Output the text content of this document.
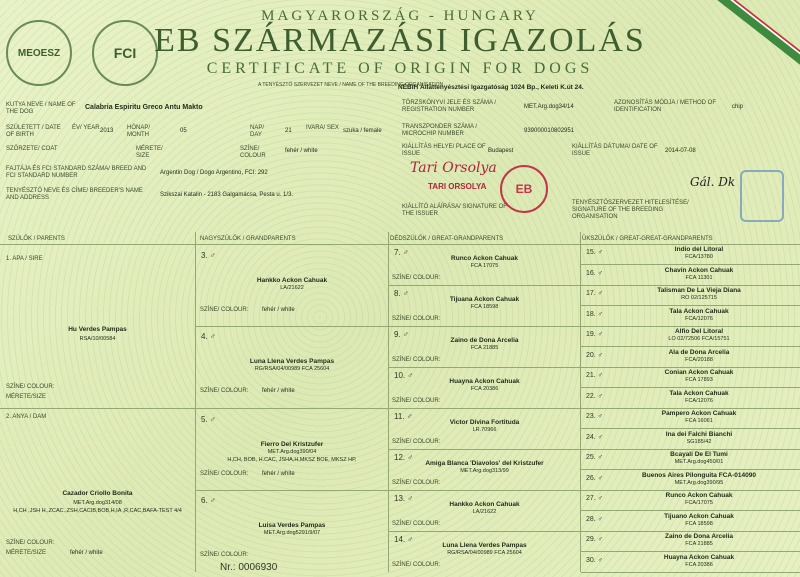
MEOESZ	FCI
MAGYARORSZÁG - HUNGARY
EB SZÁRMAZÁSI IGAZOLÁS
CERTIFICATE OF ORIGIN FOR DOGS
A TENYÉSZTŐ SZERVEZET NEVE / NAME OF THE BREEDING ORGANISATION
NÉBIH Állattenyésztési Igazgatóság 1024 Bp., Keleti K.út 24.
KUTYA NEVE / NAME OF THE DOG
Calabria Espiritu Greco Antu Makto
TÖRZSKÖNYVI JELE ÉS SZÁMA / REGISTRATION NUMBER	MET.Arg.dog34/14
AZONOSÍTÁS MÓDJA / METHOD OF IDENTIFICATION	chip
SZÜLETETT / DATE OF BIRTH
ÉV/ YEAR 2013 HÓNAP/ MONTH
05	NAP/ DAY
21 IVARA/ SEX szuka / female
TRANSZPONDER SZÁMA / MICROCHIP NUMBER	939000010802951
SZŐRZETE/ COAT	MÉRETE/ SIZE
SZÍNE/ COLOUR
fehér / white
KIÁLLÍTÁS HELYE/ PLACE OF ISSUE	Budapest
KIÁLLÍTÁS DÁTUMA/ DATE OF ISSUE	2014-07-08
FAJTÁJA ÉS FCI STANDARD SZÁMA/ BREED AND FCI STANDARD NUMBER	Argentin Dog / Dogo Argentino, FCI: 292
TENYÉSZTŐ NEVE ÉS CÍME/ BREEDER'S NAME AND ADDRESS	Szikszai Katalin - 2183 Galgamácsa, Pesta u. 1/3.
Tari Orsolya
TARI ORSOLYA	EB
KIÁLLÍTÓ ALÁÍRÁSA/ SIGNATURE OF THE ISSUER
TENYÉSZTŐSZERVEZET HITELESÍTÉSE/ SIGNATURE OF THE BREEDING ORGANISATION
Gál. Dk
SZÜLŐK / PARENTS	NAGYSZÜLŐK / GRANDPARENTS	DÉDSZÜLŐK / GREAT-GRANDPARENTS	ÜKSZÜLŐK / GREAT-GREAT-GRANDPARENTS
1. APA / SIRE
Hu Verdes Pampas
RSA/10/00584
SZÍNE/ COLOUR:
MÉRETE/SIZE
2. ANYA / DAM
Cazador Criollo Bonita
MET.Arg.dog314/08
H,CH ,JSH H.,ZCAC.,ZSH,CACIB,BOB,H,IA ,R,CAC,BAFA-TEST 4/4
SZÍNE/ COLOUR:
MÉRETE/SIZE	fehér / white
Nr.: 0006930
3. ♂
Hankko Ackon Cahuak
LA/21622
SZÍNE/ COLOUR: fehér / white
4. ♂
Luna Llena Verdes Pampas
RG/RSA/04/00989 FCA 25604
SZÍNE/ COLOUR: fehér / white
5. ♂
Fierro Del Kristzufer
MET.Arg.dog390/04
H,CH, BOB, H.CAC, JSHA,H,MKSZ BOE, MKSZ HP,
SZÍNE/ COLOUR: fehér / white
6. ♂
Luisa Verdes Pampas
MET.Arg.dog5291/9/07
SZÍNE/ COLOUR:
7. ♂
Runco Ackon Cahuak
FCA 17075
SZÍNE/ COLOUR:
8. ♂
Tijuana Ackon Cahuak
FCA 18598
SZÍNE/ COLOUR:
9. ♂
Zaino de Dona Arcelia
FCA 21885
SZÍNE/ COLOUR:
10. ♂
Huayna Ackon Cahuak
FCA 20386
SZÍNE/ COLOUR:
11. ♂
Victor Divina Fortituda
LR.70966
SZÍNE/ COLOUR:
12. ♂
Amiga Blanca 'Diavolos' del Kristzufer
MET.Arg.dog313/99
SZÍNE/ COLOUR:
13. ♂
Hankko Ackon Cahuak
LA/21622
SZÍNE/ COLOUR:
14. ♂
Luna Llena Verdes Pampas
RG/RSA/04/00989 FCA 25604
SZÍNE/ COLOUR:
15. ♂	Indio del Litoral
FCA/13780
16. ♂	Chavin Ackon Cahuak
FCA 11301
17. ♂	Talisman De La Vieja Diana
RO 02/125715
18. ♂	Tala Ackon Cahuak
FCA/12076
19. ♂	Alfio Del Litoral
LO 02/72506 FCA/15751
20. ♂	Ala de Dona Arcelia
FCA/20188
21. ♂	Conian Ackon Cahuak
FCA 17893
22. ♂	Tala Ackon Cahuak
FCA/12076
23. ♂	Pampero Ackon Cahuak
FCA 16061
24. ♂	Ina dei Falchi Bianchi
SG185/42
25. ♂	Bcayali De El Tumi
MET.Arg.dog450/01
26. ♂	Buenos Aires Pilonguita FCA-014090
MET.Arg.dog390/95
27. ♂	Runco Ackon Cahuak
FCA/17075
28. ♂	Tijuano Ackon Cahuak
FCA 18598
29. ♂	Zaino de Dona Arcelia
FCA 21885
30. ♂	Huayna Ackon Cahuak
FCA 20386
